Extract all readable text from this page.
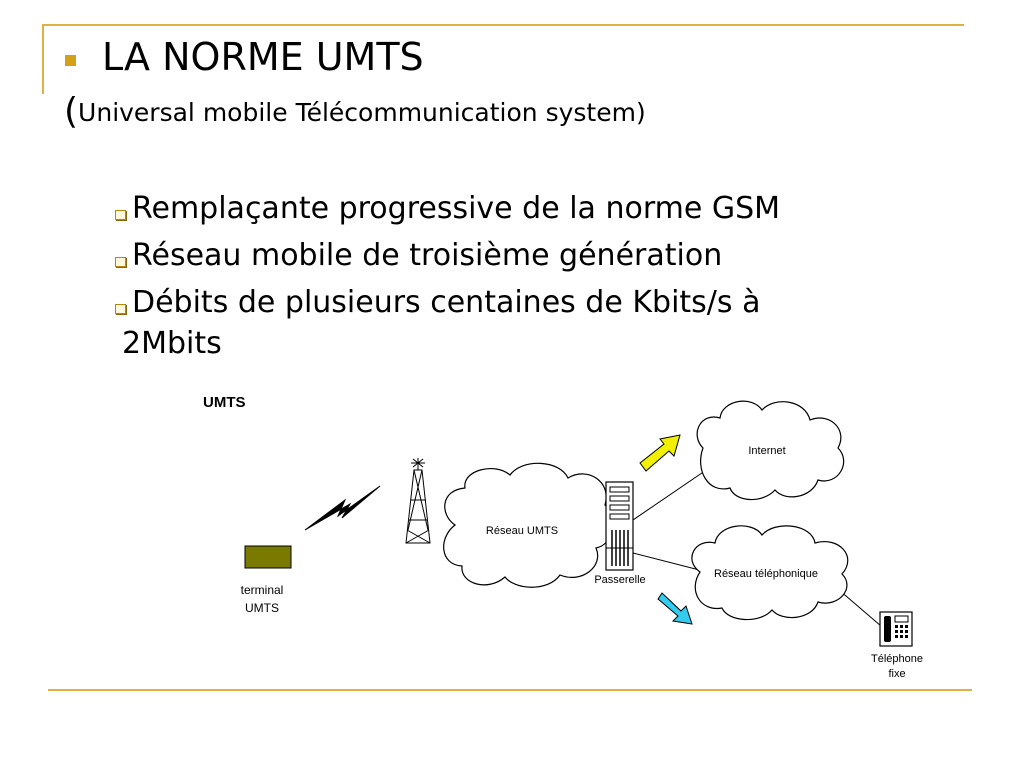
LA NORME UMTS
(Universal mobile Télécommunication system)
Remplaçante progressive de la norme GSM
Réseau mobile de troisième génération
Débits de plusieurs centaines de Kbits/s à
2Mbits
UMTS
Réseau UMTS
Internet
Réseau téléphonique
terminal
UMTS
Passerelle
Téléphone
fixe
